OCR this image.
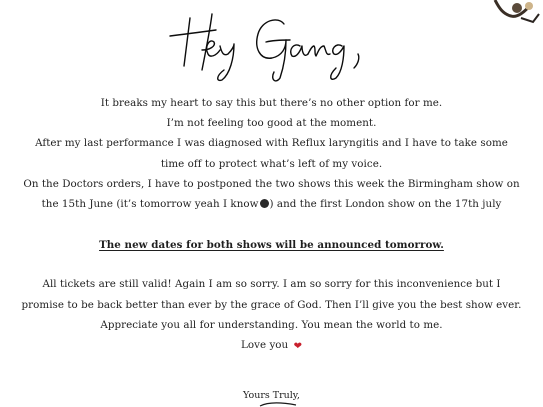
It breaks my heart to say this but there’s no other option for me.

I’m not feeling too good at the moment.

After my last performance I was diagnosed with Reflux laryngitis and I have to take some

time off to protect what’s left of my voice.

On the Doctors orders, I have to postponed the two shows this week the Birmingham show on

the 15th June (it’s tomorrow yeah I know ) and the first London show on the 17th july

The new dates for both shows will be announced tomorrow.

All tickets are still valid! Again I am so sorry. I am so sorry for this inconvenience but I

promise to be back better than ever by the grace of God. Then I’ll give you the best show ever.

Appreciate you all for understanding. You mean the world to me.

Love you ❤

Yours Truly,
